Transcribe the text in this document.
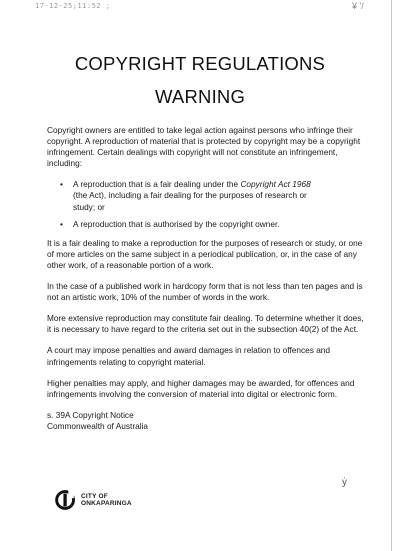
17-12-25;11:52 ;	¥ '/
COPYRIGHT REGULATIONS
WARNING

Copyright owners are entitled to take legal action against persons who infringe their copyright. A reproduction of material that is protected by copyright may be a copyright infringement. Certain dealings with copyright will not constitute an infringement, including:

• A reproduction that is a fair dealing under the Copyright Act 1968 (the Act), including a fair dealing for the purposes of research or study; or
• A reproduction that is authorised by the copyright owner.

It is a fair dealing to make a reproduction for the purposes of research or study, or one of more articles on the same subject in a periodical publication, or, in the case of any other work, of a reasonable portion of a work.

In the case of a published work in hardcopy form that is not less than ten pages and is not an artistic work, 10% of the number of words in the work.

More extensive reproduction may constitute fair dealing. To determine whether it does, it is necessary to have regard to the criteria set out in the subsection 40(2) of the Act.

A court may impose penalties and award damages in relation to offences and infringements relating to copyright material.

Higher penalties may apply, and higher damages may be awarded, for offences and infringements involving the conversion of material into digital or electronic form.

s. 39A Copyright Notice

Commonwealth of Australia

CITY OF
ONKAPARINGA
ẏ
